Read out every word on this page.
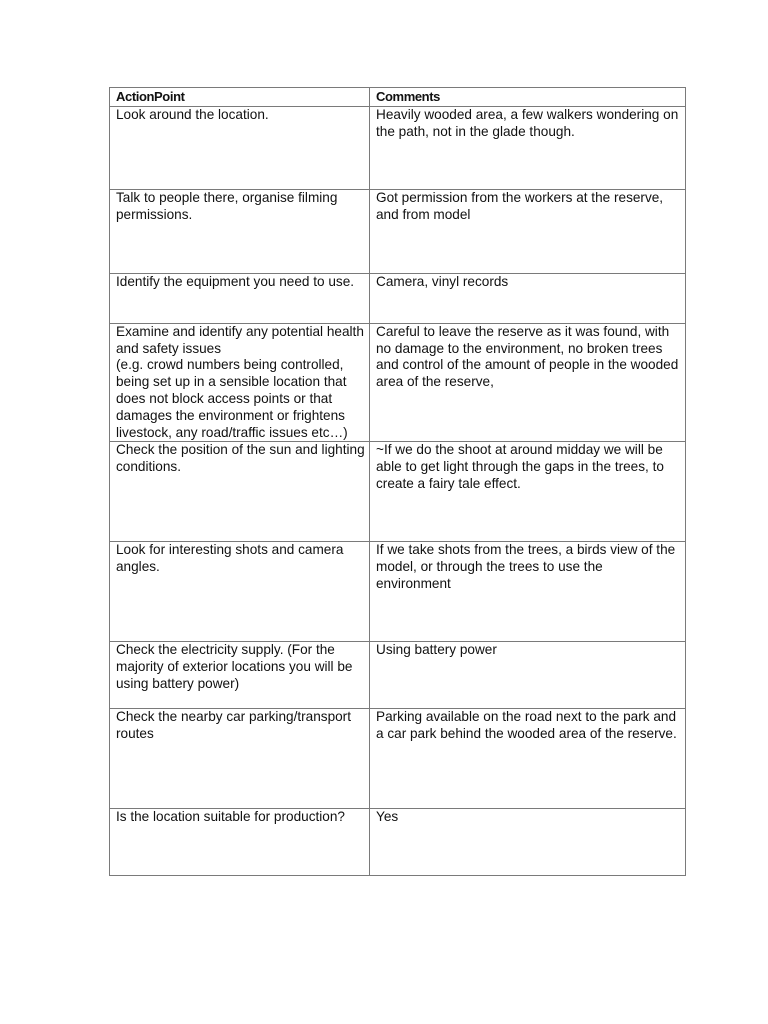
ActionPoint	Comments

Look around the location.	Heavily wooded area, a few walkers wondering on the path, not in the glade though.

Talk to people there, organise filming permissions.	Got permission from the workers at the reserve, and from model

Identify the equipment you need to use.	Camera, vinyl records

Examine and identify any potential health and safety issues
(e.g. crowd numbers being controlled, being set up in a sensible location that does not block access points or that damages the environment or frightens livestock, any road/traffic issues etc…)	Careful to leave the reserve as it was found, with no damage to the environment, no broken trees and control of the amount of people in the wooded area of the reserve,

Check the position of the sun and lighting conditions.	~If we do the shoot at around midday we will be able to get light through the gaps in the trees, to create a fairy tale effect.

Look for interesting shots and camera angles.	If we take shots from the trees, a birds view of the model, or through the trees to use the environment

Check the electricity supply. (For the majority of exterior locations you will be using battery power)	Using battery power

Check the nearby car parking/transport routes	Parking available on the road next to the park and a car park behind the wooded area of the reserve.

Is the location suitable for production?	Yes
